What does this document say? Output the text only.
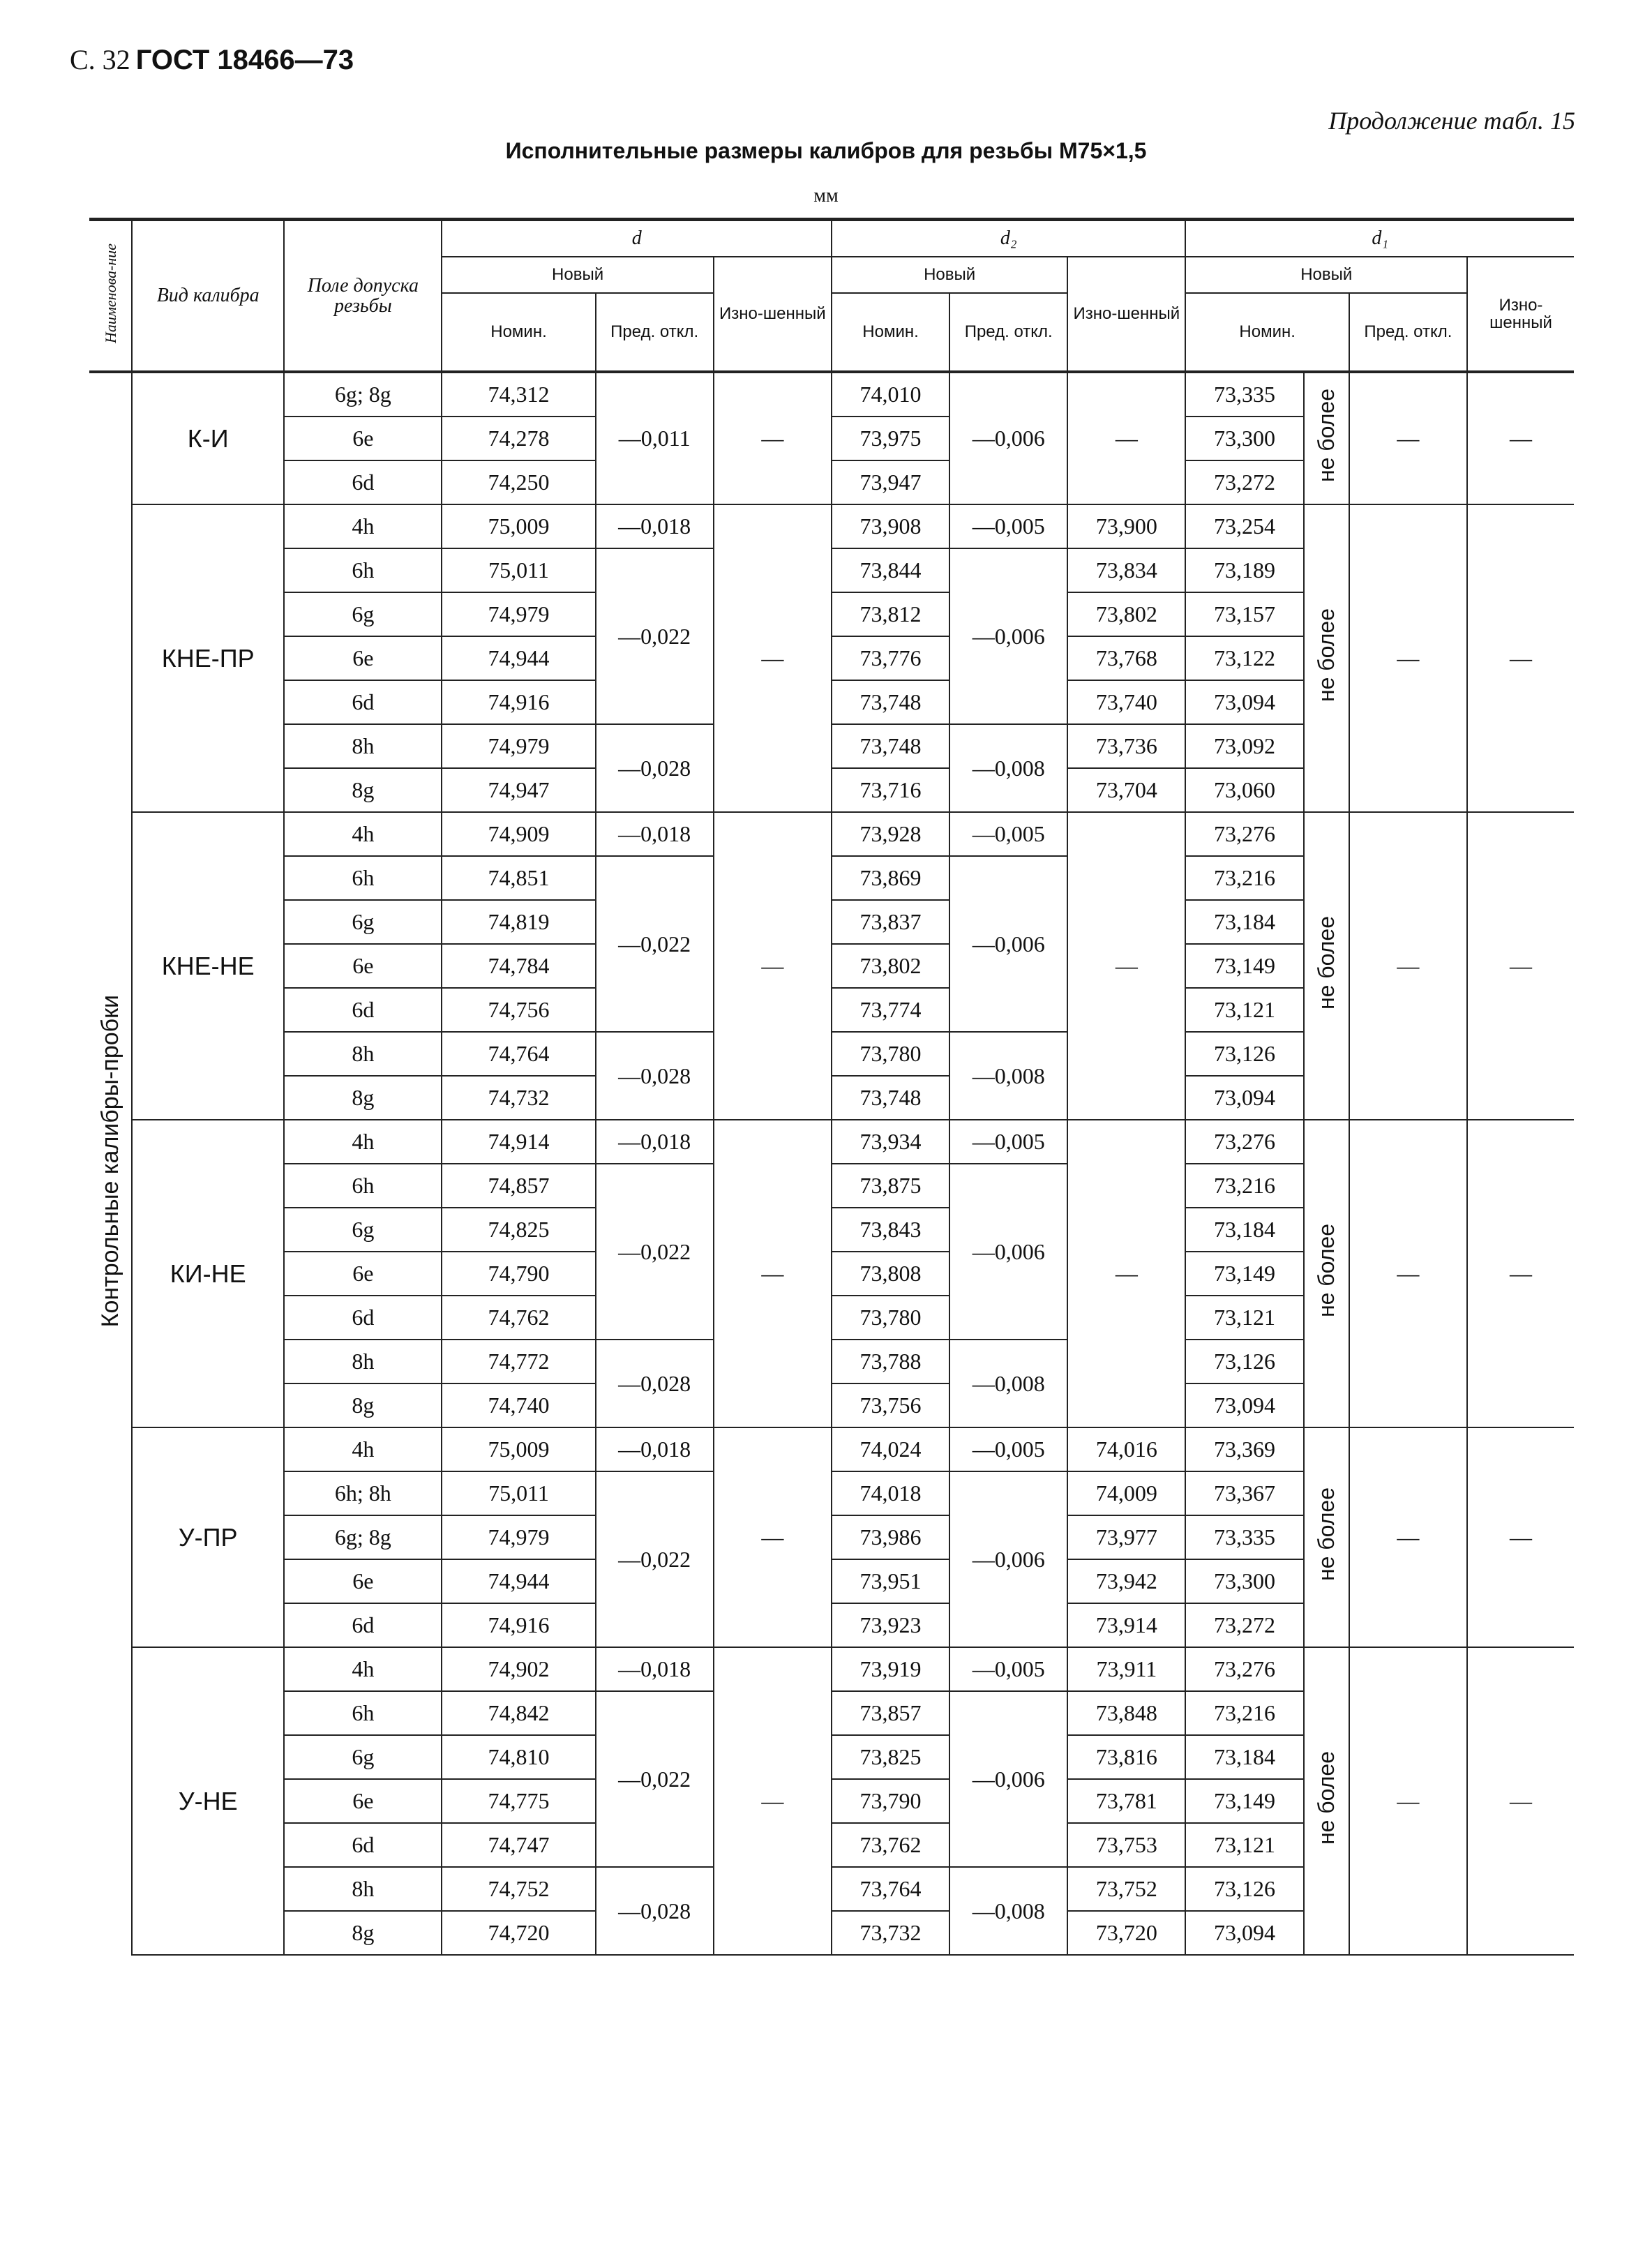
С. 32 ГОСТ 18466—73
Продолжение табл. 15
Исполнительные размеры калибров для резьбы М75×1,5
мм
Наименова-ние	Вид калибра	Поле допуска резьбы	d			d₂			d₁			
			Новый		Изно-шенный	Новый		Изно-шенный	Новый			Изно-шенный
			Номин.	Пред. откл.		Номин.	Пред. откл.		Номин.		Пред. откл.	
Контрольные калибры-пробки	К-И	6g; 8g	74,312	—0,011	—	74,010	—0,006	—	73,335	не более	—	—
		6e	74,278			73,975			73,300			
		6d	74,250			73,947			73,272			
	КНЕ-ПР	4h	75,009	—0,018	—	73,908	—0,005	73,900	73,254	не более	—	—
		6h	75,011	—0,022		73,844	—0,006	73,834	73,189			
		6g	74,979			73,812		73,802	73,157			
		6e	74,944			73,776		73,768	73,122			
		6d	74,916			73,748		73,740	73,094			
		8h	74,979	—0,028		73,748	—0,008	73,736	73,092			
		8g	74,947			73,716		73,704	73,060			
	КНЕ-НЕ	4h	74,909	—0,018	—	73,928	—0,005	—	73,276	не более	—	—
		6h	74,851	—0,022		73,869	—0,006		73,216			
		6g	74,819			73,837			73,184			
		6e	74,784			73,802			73,149			
		6d	74,756			73,774			73,121			
		8h	74,764	—0,028		73,780	—0,008		73,126			
		8g	74,732			73,748			73,094			
	КИ-НЕ	4h	74,914	—0,018	—	73,934	—0,005	—	73,276	не более	—	—
		6h	74,857	—0,022		73,875	—0,006		73,216			
		6g	74,825			73,843			73,184			
		6e	74,790			73,808			73,149			
		6d	74,762			73,780			73,121			
		8h	74,772	—0,028		73,788	—0,008		73,126			
		8g	74,740			73,756			73,094			
	У-ПР	4h	75,009	—0,018	—	74,024	—0,005	74,016	73,369	не более	—	—
		6h; 8h	75,011	—0,022		74,018	—0,006	74,009	73,367			
		6g; 8g	74,979			73,986		73,977	73,335			
		6e	74,944			73,951		73,942	73,300			
		6d	74,916			73,923		73,914	73,272			
	У-НЕ	4h	74,902	—0,018	—	73,919	—0,005	73,911	73,276	не более	—	—
		6h	74,842	—0,022		73,857	—0,006	73,848	73,216			
		6g	74,810			73,825		73,816	73,184			
		6e	74,775			73,790		73,781	73,149			
		6d	74,747			73,762		73,753	73,121			
		8h	74,752	—0,028		73,764	—0,008	73,752	73,126			
		8g	74,720			73,732		73,720	73,094			
